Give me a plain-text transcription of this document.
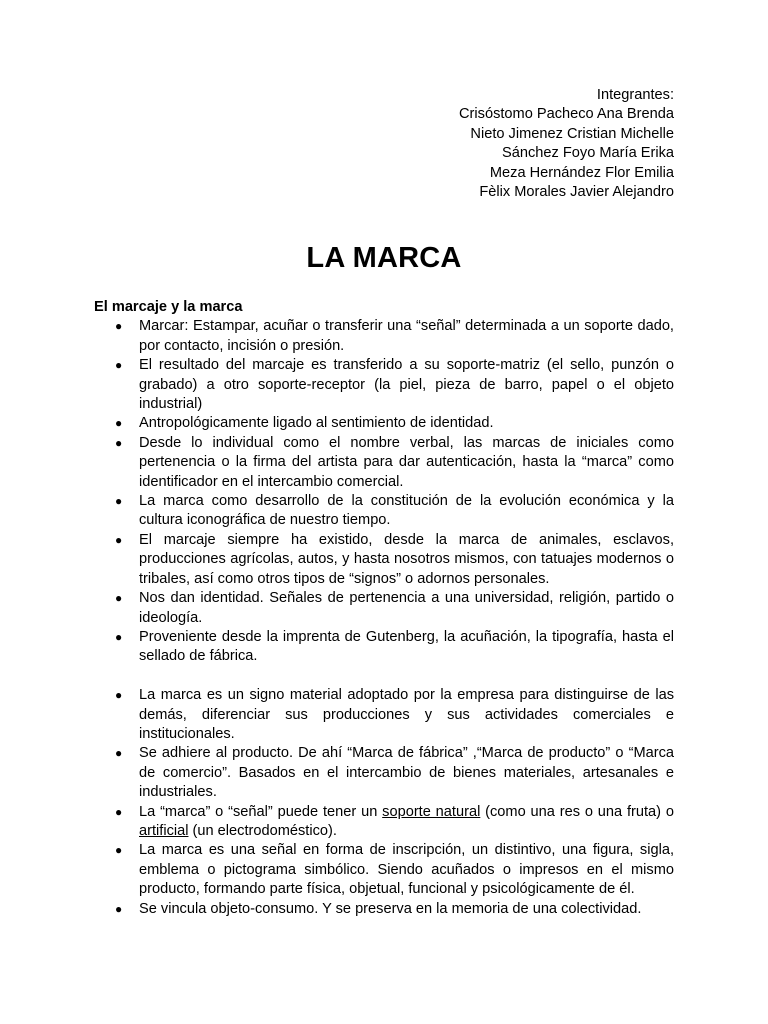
Integrantes:
Crisóstomo Pacheco Ana Brenda
Nieto Jimenez Cristian Michelle
Sánchez Foyo María Erika
Meza Hernández Flor Emilia
Fèlix Morales Javier Alejandro
LA MARCA

El marcaje y la marca

● Marcar: Estampar, acuñar o transferir una “señal” determinada a un soporte dado, por contacto, incisión o presión.
● El resultado del marcaje es transferido a su soporte-matriz (el sello, punzón o grabado) a otro soporte-receptor (la piel, pieza de barro, papel o el objeto industrial)
● Antropológicamente ligado al sentimiento de identidad.
● Desde lo individual como el nombre verbal, las marcas de iniciales como pertenencia o la firma del artista para dar autenticación, hasta la “marca” como identificador en el intercambio comercial.
● La marca como desarrollo de la constitución de la evolución económica y la cultura iconográfica de nuestro tiempo.
● El marcaje siempre ha existido, desde la marca de animales, esclavos, producciones agrícolas, autos, y hasta nosotros mismos, con tatuajes modernos o tribales, así como otros tipos de “signos” o adornos personales.
● Nos dan identidad. Señales de pertenencia a una universidad, religión, partido o ideología.
● Proveniente desde la imprenta de Gutenberg, la acuñación, la tipografía, hasta el sellado de fábrica.
● La marca es un signo material adoptado por la empresa para distinguirse de las demás, diferenciar sus producciones y sus actividades comerciales e institucionales.
● Se adhiere al producto. De ahí “Marca de fábrica” ,“Marca de producto” o “Marca de comercio”. Basados en el intercambio de bienes materiales, artesanales e industriales.
● La “marca” o “señal” puede tener un soporte natural (como una res o una fruta) o artificial (un electrodoméstico).
● La marca es una señal en forma de inscripción, un distintivo, una figura, sigla, emblema o pictograma simbólico. Siendo acuñados o impresos en el mismo producto, formando parte física, objetual, funcional y psicológicamente de él.
● Se vincula objeto-consumo. Y se preserva en la memoria de una colectividad.
